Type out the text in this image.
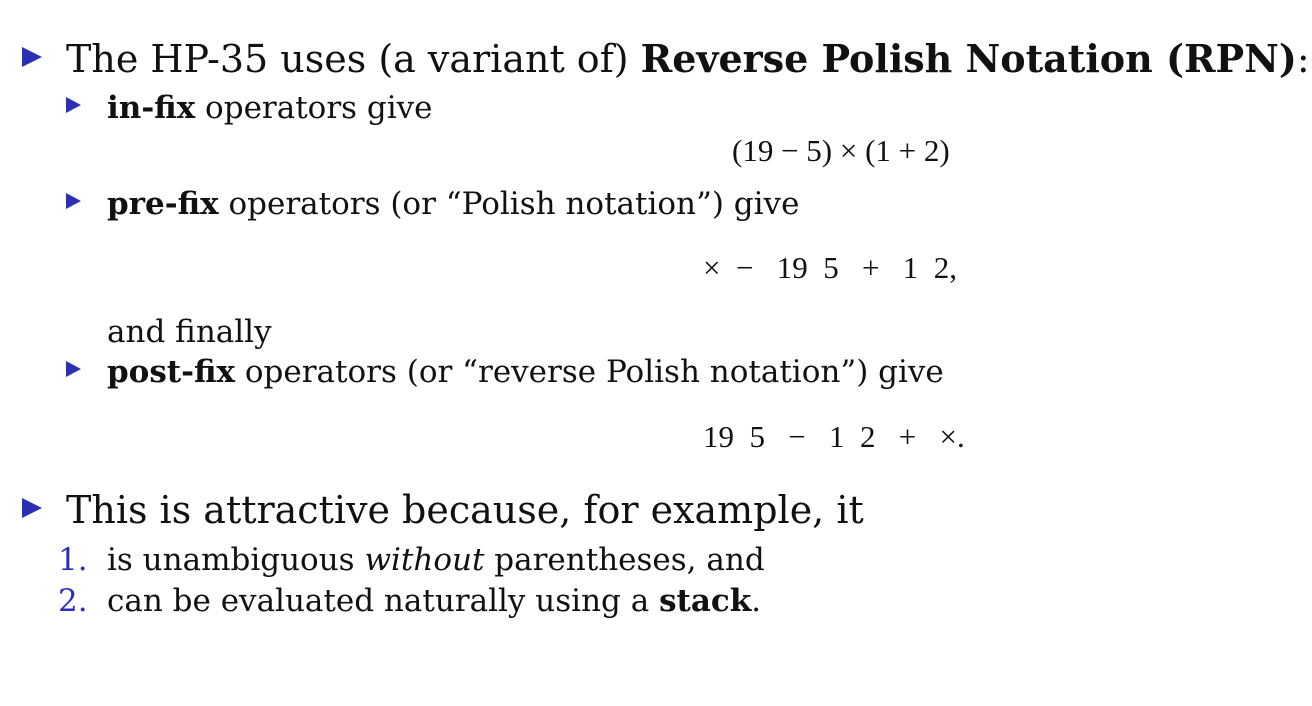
The HP-35 uses (a variant of) Reverse Polish Notation (RPN):
in-fix operators give
(19 − 5) × (1 + 2)
pre-fix operators (or “Polish notation”) give
×  −   19  5   +   1  2,
and finally
post-fix operators (or “reverse Polish notation”) give
19  5   −   1  2   +   ×.
This is attractive because, for example, it
1. is unambiguous without parentheses, and
2. can be evaluated naturally using a stack.
